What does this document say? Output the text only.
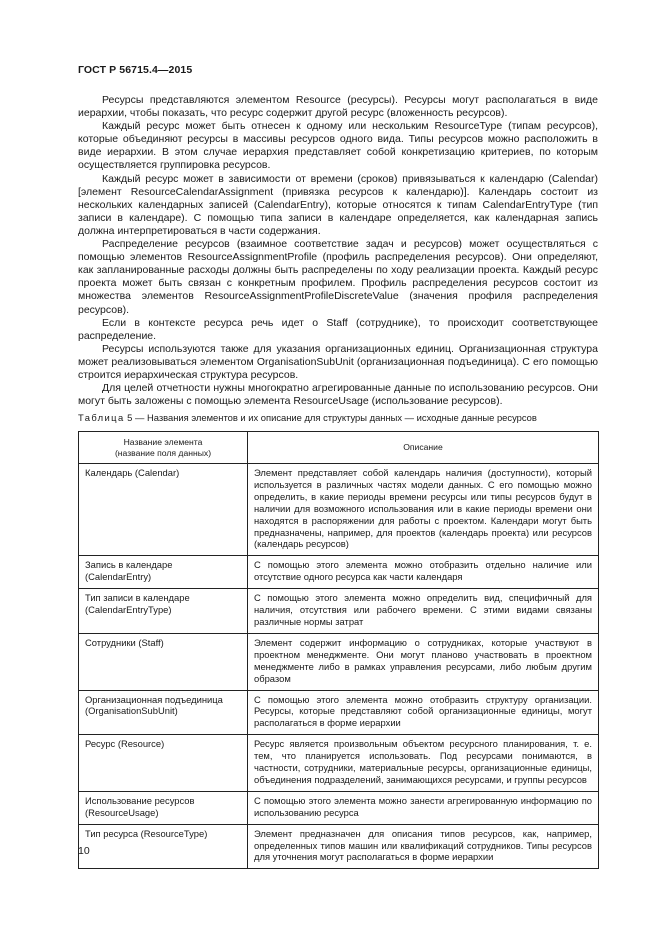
ГОСТ Р 56715.4—2015

Ресурсы представляются элементом Resource (ресурсы). Ресурсы могут располагаться в виде иерархии, чтобы показать, что ресурс содержит другой ресурс (вложенность ресурсов).

Каждый ресурс может быть отнесен к одному или нескольким ResourceType (типам ресурсов), которые объединяют ресурсы в массивы ресурсов одного вида. Типы ресурсов можно расположить в виде иерархии. В этом случае иерархия представляет собой конкретизацию критериев, по которым осуществляется группировка ресурсов.

Каждый ресурс может в зависимости от времени (сроков) привязываться к календарю (Calendar) [элемент ResourceCalendarAssignment (привязка ресурсов к календарю)]. Календарь состоит из нескольких календарных записей (CalendarEntry), которые относятся к типам CalendarEntryType (тип записи в календаре). С помощью типа записи в календаре определяется, как календарная запись должна интерпретироваться в части содержания.

Распределение ресурсов (взаимное соответствие задач и ресурсов) может осуществляться с помощью элементов ResourceAssignmentProfile (профиль распределения ресурсов). Они определяют, как запланированные расходы должны быть распределены по ходу реализации проекта. Каждый ресурс проекта может быть связан с конкретным профилем. Профиль распределения ресурсов состоит из множества элементов ResourceAssignmentProfileDiscreteValue (значения профиля распределения ресурсов).

Если в контексте ресурса речь идет о Staff (сотруднике), то происходит соответствующее распределение.

Ресурсы используются также для указания организационных единиц. Организационная структура может реализовываться элементом OrganisationSubUnit (организационная подъединица). С его помощью строится иерархическая структура ресурсов.

Для целей отчетности нужны многократно агрегированные данные по использованию ресурсов. Они могут быть заложены с помощью элемента ResourceUsage (использование ресурсов).

Таблица 5 — Названия элементов и их описание для структуры данных — исходные данные ресурсов
Название элемента
(название поля данных)	Описание
Календарь (Calendar)	Элемент представляет собой календарь наличия (доступности), который используется в различных частях модели данных. С его помощью можно определить, в какие периоды времени ресурсы или типы ресурсов будут в наличии для возможного использования или в какие периоды времени они находятся в распоряжении для работы с проектом. Календари могут быть предназначены, например, для проектов (календарь проекта) или ресурсов (календарь ресурсов)
Запись в календаре (CalendarEntry)	С помощью этого элемента можно отобразить отдельно наличие или отсутствие одного ресурса как части календаря
Тип записи в календаре (CalendarEntryType)	С помощью этого элемента можно определить вид, специфичный для наличия, отсутствия или рабочего времени. С этими видами связаны различные нормы затрат
Сотрудники (Staff)	Элемент содержит информацию о сотрудниках, которые участвуют в проектном менеджменте. Они могут планово участвовать в проектном менеджменте либо в рамках управления ресурсами, либо любым другим образом
Организационная подъединица (OrganisationSubUnit)	С помощью этого элемента можно отобразить структуру организации. Ресурсы, которые представляют собой организационные единицы, могут располагаться в форме иерархии
Ресурс (Resource)	Ресурс является произвольным объектом ресурсного планирования, т. е. тем, что планируется использовать. Под ресурсами понимаются, в частности, сотрудники, материальные ресурсы, организационные единицы, объединения подразделений, занимающихся ресурсами, и группы ресурсов
Использование ресурсов (ResourceUsage)	С помощью этого элемента можно занести агрегированную информацию по использованию ресурса
Тип ресурса (ResourceType)	Элемент предназначен для описания типов ресурсов, как, например, определенных типов машин или квалификаций сотрудников. Типы ресурсов для уточнения могут располагаться в форме иерархии
10
